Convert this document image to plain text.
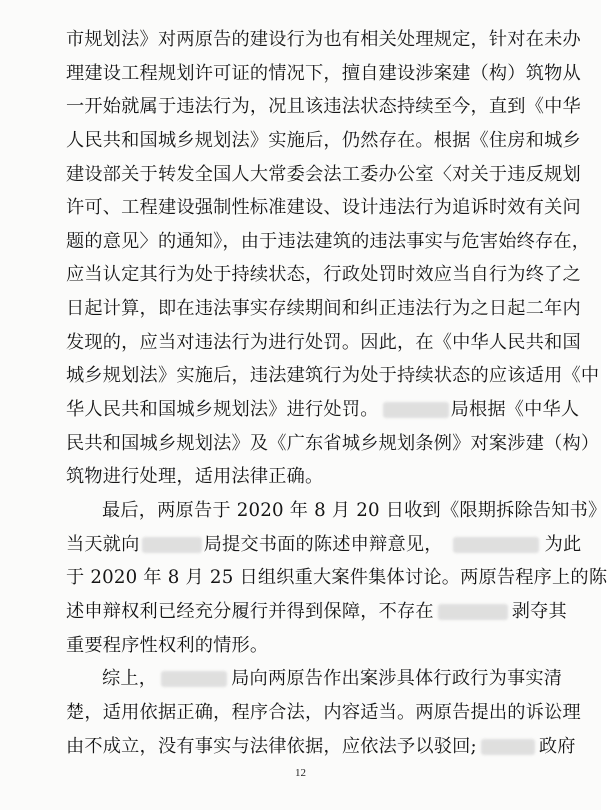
市规划法》对两原告的建设行为也有相关处理规定，针对在未办
理建设工程规划许可证的情况下，擅自建设涉案建（构）筑物从
一开始就属于违法行为，况且该违法状态持续至今，直到《中华
人民共和国城乡规划法》实施后，仍然存在。根据《住房和城乡
建设部关于转发全国人大常委会法工委办公室〈对关于违反规划
许可、工程建设强制性标准建设、设计违法行为追诉时效有关问
题的意见〉的通知》，由于违法建筑的违法事实与危害始终存在，
应当认定其行为处于持续状态，行政处罚时效应当自行为终了之
日起计算，即在违法事实存续期间和纠正违法行为之日起二年内
发现的，应当对违法行为进行处罚。因此，在《中华人民共和国
城乡规划法》实施后，违法建筑行为处于持续状态的应该适用《中
华人民共和国城乡规划法》进行处罚。	局根据《中华人
民共和国城乡规划法》及《广东省城乡规划条例》对案涉建（构）
筑物进行处理，适用法律正确。
最后，两原告于 2020 年 8 月 20 日收到《限期拆除告知书》
当天就向	局提交书面的陈述申辩意见，	为此
于 2020 年 8 月 25 日组织重大案件集体讨论。两原告程序上的陈
述申辩权利已经充分履行并得到保障，不存在	剥夺其
重要程序性权利的情形。
综上，	局向两原告作出案涉具体行政行为事实清
楚，适用依据正确，程序合法，内容适当。两原告提出的诉讼理
由不成立，没有事实与法律依据，应依法予以驳回;	政府
12
